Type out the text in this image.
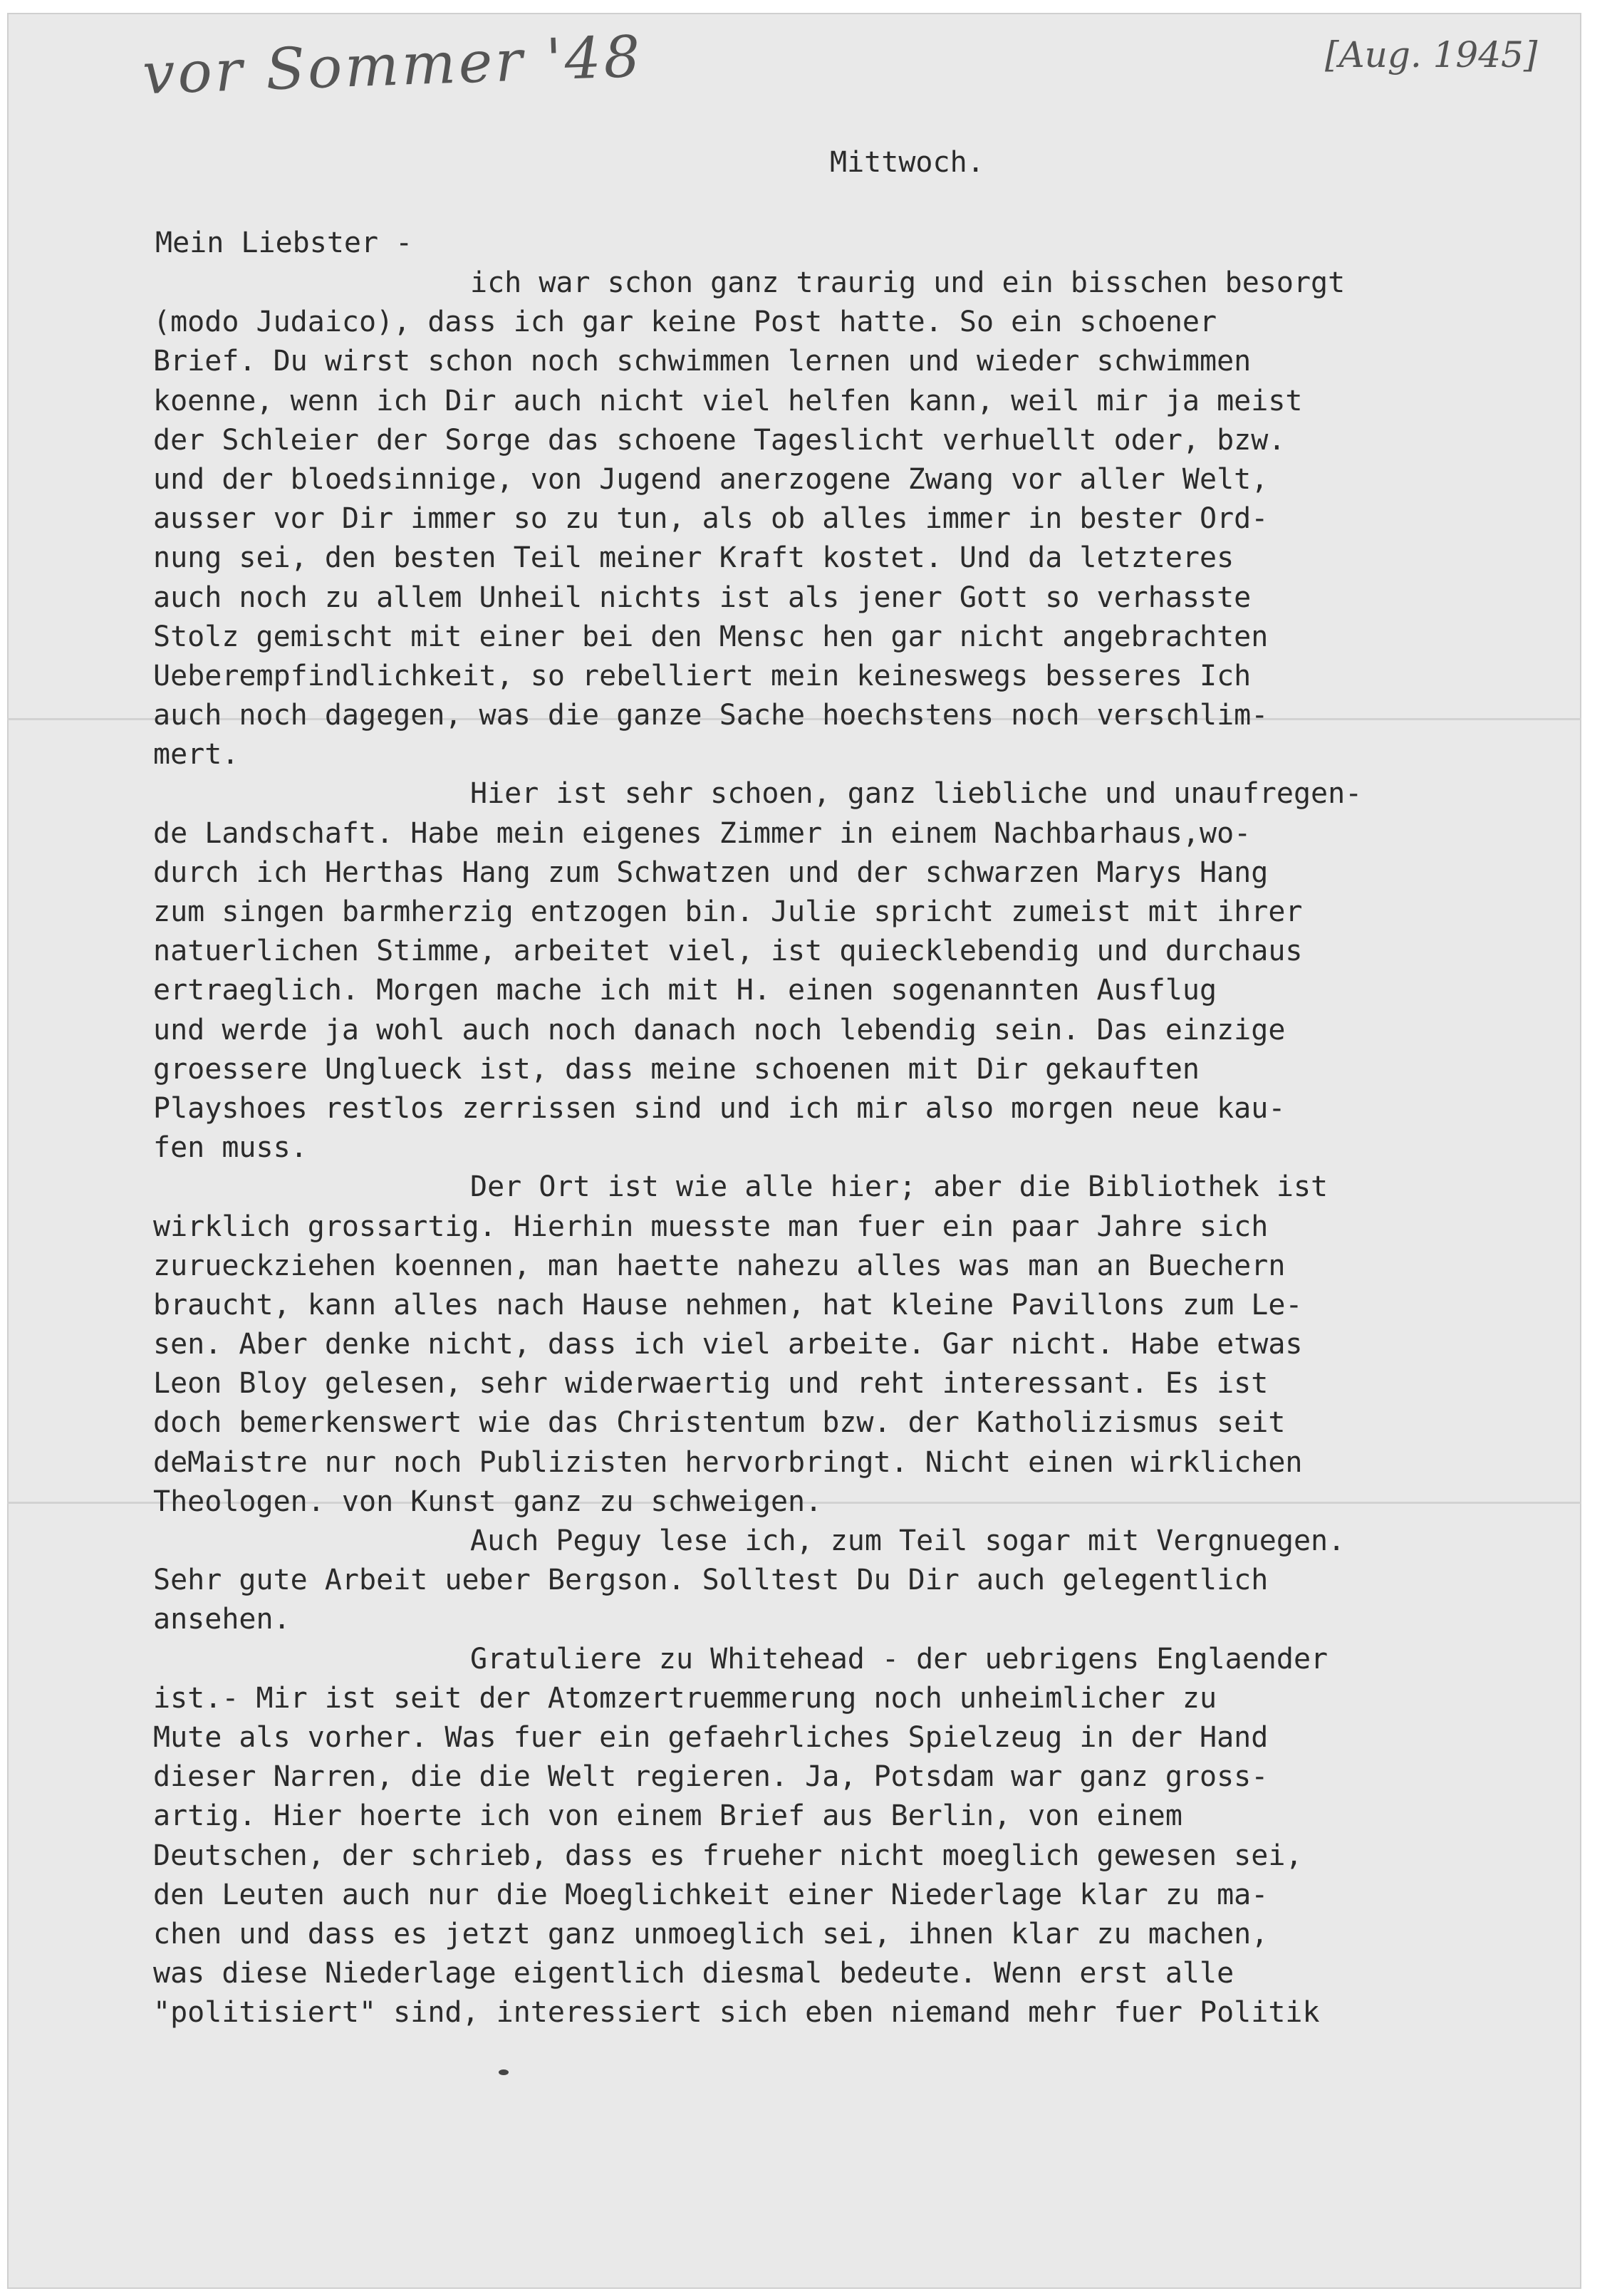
vor Sommer '48	[Aug. 1945]
Mittwoch.
Mein Liebster -
ich war schon ganz traurig und ein bisschen besorgt
(modo Judaico), dass ich gar keine Post hatte. So ein schoener
Brief. Du wirst schon noch schwimmen lernen und wieder schwimmen
koenne, wenn ich Dir auch nicht viel helfen kann, weil mir ja meist
der Schleier der Sorge das schoene Tageslicht verhuellt oder, bzw.
und der bloedsinnige, von Jugend anerzogene Zwang vor aller Welt,
ausser vor Dir immer so zu tun, als ob alles immer in bester Ord-
nung sei, den besten Teil meiner Kraft kostet. Und da letzteres
auch noch zu allem Unheil nichts ist als jener Gott so verhasste
Stolz gemischt mit einer bei den Mensc hen gar nicht angebrachten
Ueberempfindlichkeit, so rebelliert mein keineswegs besseres Ich
auch noch dagegen, was die ganze Sache hoechstens noch verschlim-
mert.
Hier ist sehr schoen, ganz liebliche und unaufregen-
de Landschaft. Habe mein eigenes Zimmer in einem Nachbarhaus,wo-
durch ich Herthas Hang zum Schwatzen und der schwarzen Marys Hang
zum singen barmherzig entzogen bin. Julie spricht zumeist mit ihrer
natuerlichen Stimme, arbeitet viel, ist quiecklebendig und durchaus
ertraeglich. Morgen mache ich mit H. einen sogenannten Ausflug
und werde ja wohl auch noch danach noch lebendig sein. Das einzige
groessere Unglueck ist, dass meine schoenen mit Dir gekauften
Playshoes restlos zerrissen sind und ich mir also morgen neue kau-
fen muss.
Der Ort ist wie alle hier; aber die Bibliothek ist
wirklich grossartig. Hierhin muesste man fuer ein paar Jahre sich
zurueckziehen koennen, man haette nahezu alles was man an Buechern
braucht, kann alles nach Hause nehmen, hat kleine Pavillons zum Le-
sen. Aber denke nicht, dass ich viel arbeite. Gar nicht. Habe etwas
Leon Bloy gelesen, sehr widerwaertig und reht interessant. Es ist
doch bemerkenswert wie das Christentum bzw. der Katholizismus seit
deMaistre nur noch Publizisten hervorbringt. Nicht einen wirklichen
Theologen. von Kunst ganz zu schweigen.
Auch Peguy lese ich, zum Teil sogar mit Vergnuegen.
Sehr gute Arbeit ueber Bergson. Solltest Du Dir auch gelegentlich
ansehen.
Gratuliere zu Whitehead - der uebrigens Englaender
ist.- Mir ist seit der Atomzertruemmerung noch unheimlicher zu
Mute als vorher. Was fuer ein gefaehrliches Spielzeug in der Hand
dieser Narren, die die Welt regieren. Ja, Potsdam war ganz gross-
artig. Hier hoerte ich von einem Brief aus Berlin, von einem
Deutschen, der schrieb, dass es frueher nicht moeglich gewesen sei,
den Leuten auch nur die Moeglichkeit einer Niederlage klar zu ma-
chen und dass es jetzt ganz unmoeglich sei, ihnen klar zu machen,
was diese Niederlage eigentlich diesmal bedeute. Wenn erst alle
"politisiert" sind, interessiert sich eben niemand mehr fuer Politik
